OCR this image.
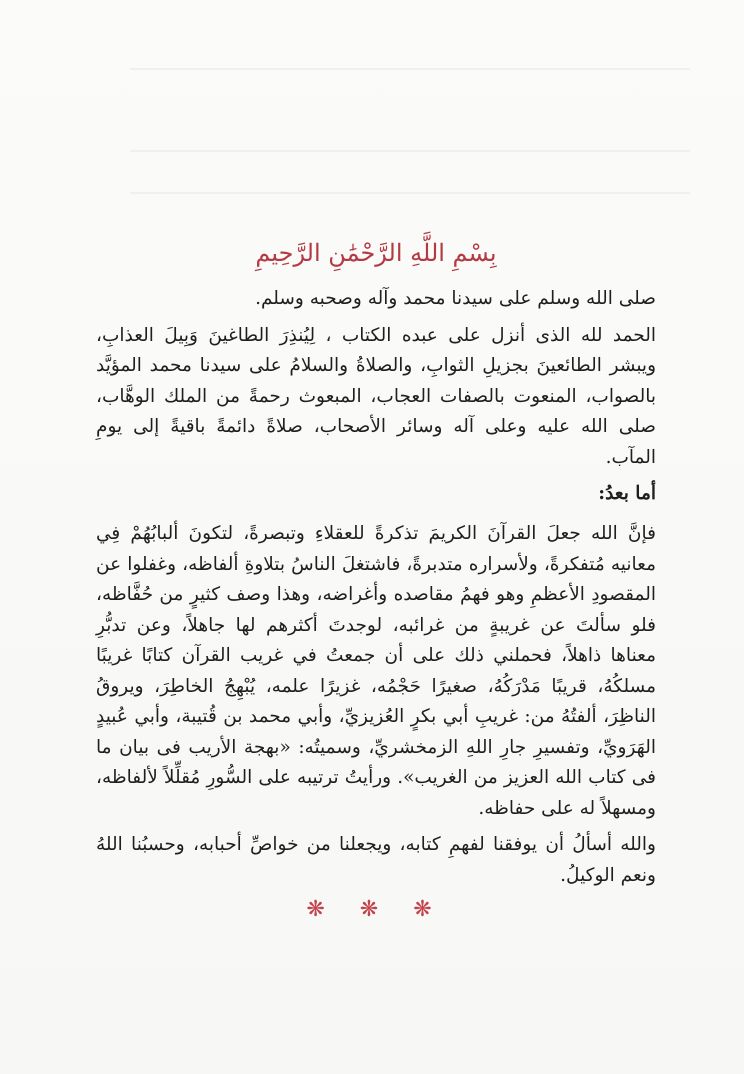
بِسْمِ اللَّهِ الرَّحْمَٰنِ الرَّحِيمِ

صلى الله وسلم على سيدنا محمد وآله وصحبه وسلم.

الحمد لله الذى أنزل على عبده الكتاب ، لِيُنذِرَ الطاغينَ وَبِيلَ العذابِ، ويبشر الطائعينَ بجزيلِ الثوابِ، والصلاةُ والسلامُ على سيدنا محمد المؤيَّد بالصواب، المنعوت بالصفات العجاب، المبعوث رحمةً من الملك الوهَّاب، صلى الله عليه وعلى آله وسائر الأصحاب، صلاةً دائمةً باقيةً إلى يومِ المآب.

أما بعدُ:

فإنَّ الله جعلَ القرآنَ الكريمَ تذكرةً للعقلاءِ وتبصرةً، لتكونَ ألبابُهُمْ فِي معانيه مُتفكرةً، ولأسراره متدبرةً، فاشتغلَ الناسُ بتلاوةِ ألفاظه، وغفلوا عن المقصودِ الأعظمِ وهو فهمُ مقاصده وأغراضه، وهذا وصف كثيرٍ من حُفَّاظه، فلو سألتَ عن غريبةٍ من غرائبه، لوجدتَ أكثرهم لها جاهلاً، وعن تدبُّرِ معناها ذاهلاً، فحملني ذلك على أن جمعتُ في غريب القرآن كتابًا غريبًا مسلكُهُ، قريبًا مَدْرَكُهُ، صغيرًا حَجْمُه، غزيرًا علمه، يُبْهِجُ الخاطِرَ، ويروقُ الناظِرَ، ألفتُهُ من: غريبِ أبي بكرٍ العُزيزيِّ، وأبي محمد بن قُتيبة، وأبي عُبيدٍ الهَرَويِّ، وتفسيرِ جارِ اللهِ الزمخشريِّ، وسميتُه: «بهجة الأريب فى بيان ما فى كتاب الله العزيز من الغريب». ورأيتُ ترتيبه على السُّورِ مُقلِّلاً لألفاظه، ومسهلاً له على حفاظه.

والله أسألُ أن يوفقنا لفهمِ كتابه، ويجعلنا من خواصِّ أحبابه، وحسبُنا اللهُ ونعم الوكيلُ.

❋ ❋ ❋
